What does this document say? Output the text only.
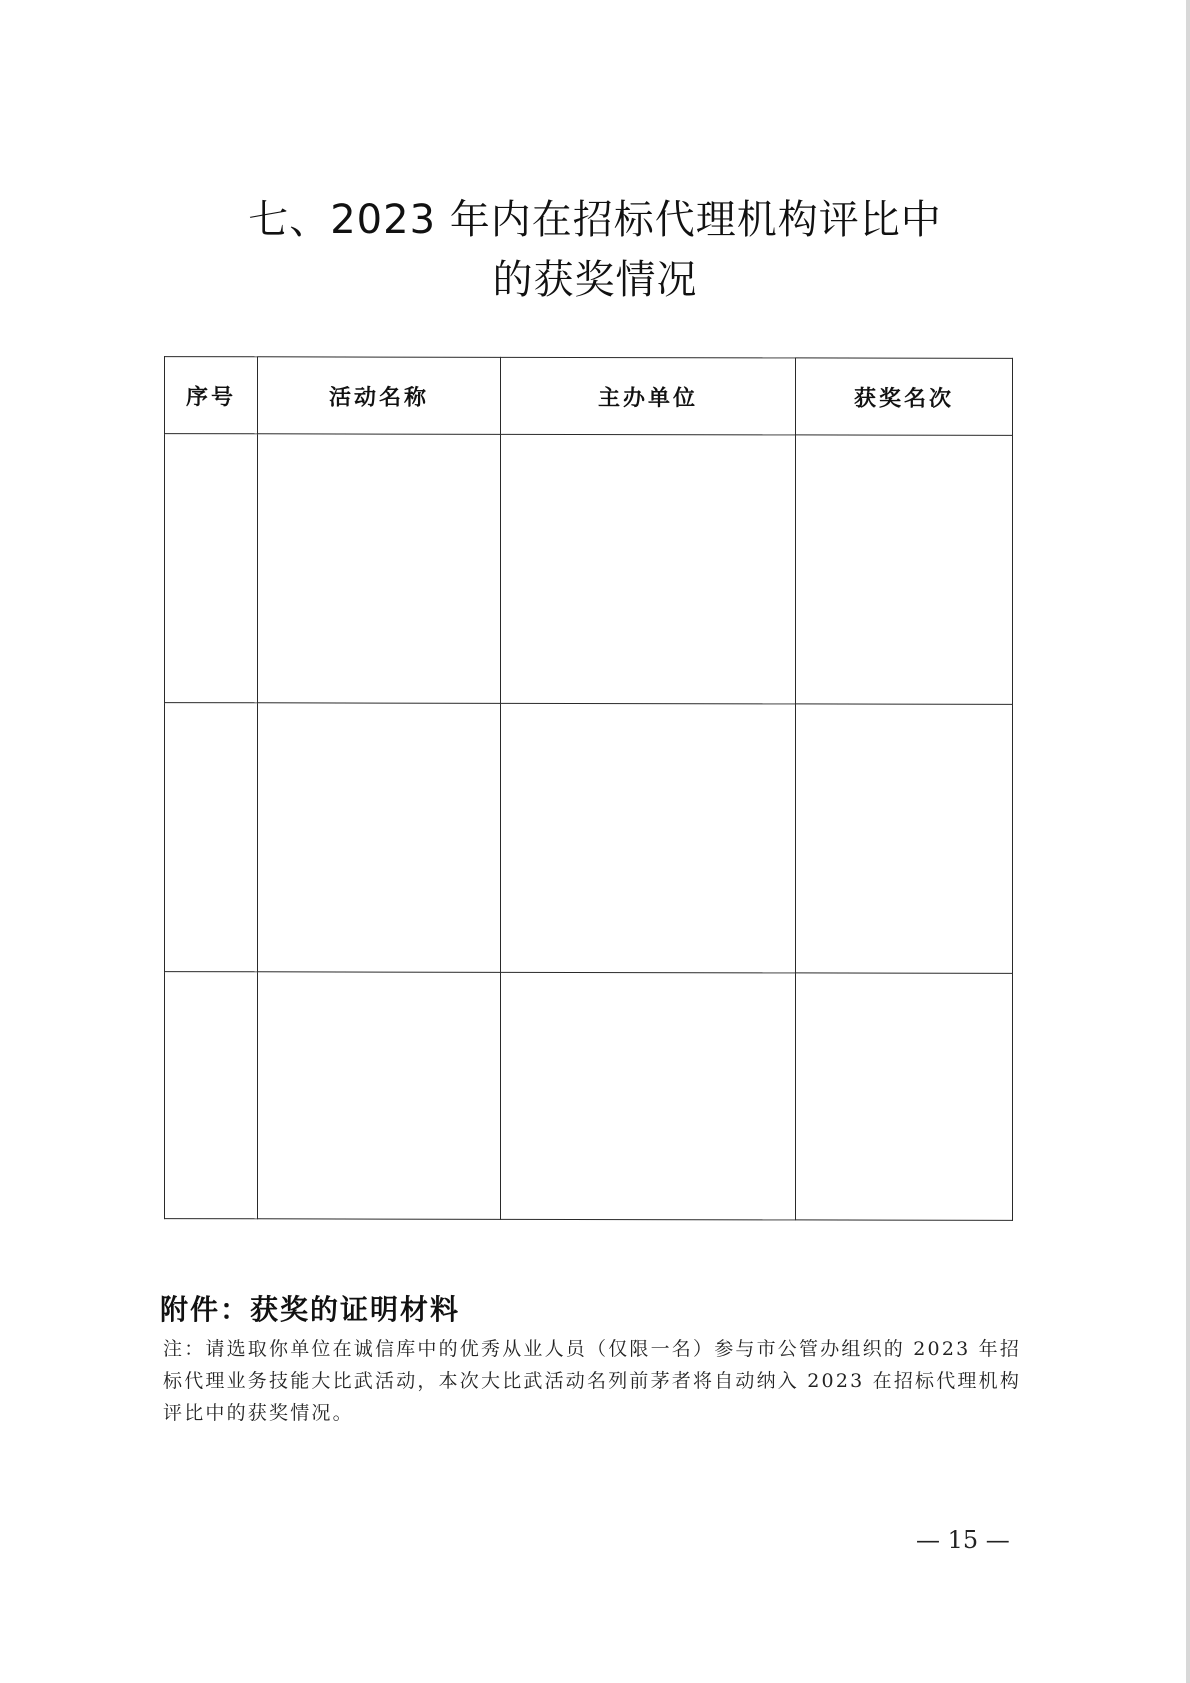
七、2023 年内在招标代理机构评比中
的获奖情况
序号	活动名称	主办单位	获奖名次

附件：获奖的证明材料

注：请选取你单位在诚信库中的优秀从业人员（仅限一名）参与市公管办组织的 2023 年招标代理业务技能大比武活动，本次大比武活动名列前茅者将自动纳入 2023 在招标代理机构评比中的获奖情况。

— 15 —
